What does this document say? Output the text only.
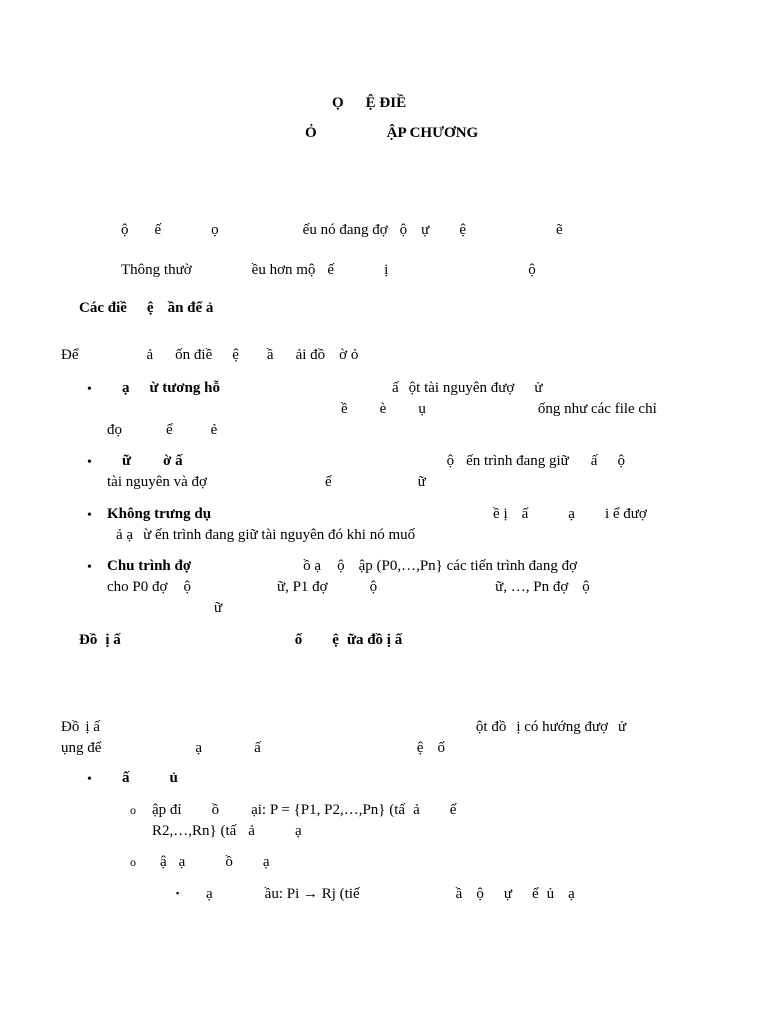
Ọ Ệ ĐIỀ
Ỏ	ẬP CHƯƠNG
ộ ế	ọ	ếu nó đang đợ ộ ự ệ	ẽ
Thông thườ	ều hơn mộ ế	ị	ộ
Các điề ệ ần để ả
Để	ả ốn điề ệ ầ ải đồ ờ ỏ
• ạ ừ tương hỗ	ấ ột tài nguyên đượ ử
ề è ụ	ống như các file chỉ
đọ	ể	ẻ
• ữ ờ ấ	ộ ến trình đang giữ ấ ộ
tài nguyên và đợ	ế	ữ
• Không trưng dụ	ề ị ấ	ạ i ể đượ
ả ạ ừ ến trình đang giữ tài nguyên đó khi nó muố
• Chu trình đợ	ồ ạ ộ ập (P0,…,Pn} các tiến trình đang đợ
cho P0 đợ ộ	ữ, P1 đợ	ộ	ữ, …, Pn đợ ộ
ữ
Đồ ị ấ	ố ệ ữa đồ ị ấ
Đồ ị ấ	ột đồ ị có hướng đượ ử
ụng để	ạ	ấ	ệ ố
• ấ	ủ
o ập đỉ ồ ại: P = {P1, P2,…,Pn} (tấ ả ế
R2,…,Rn} (tấ ả	ạ
o ậ ạ	ồ ạ
▪ ạ	ầu: Pi → Rj (tiế	ầ ộ ự ể ủ ạ
